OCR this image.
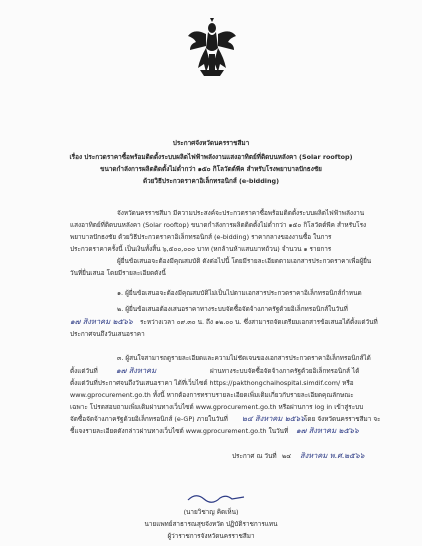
ประกาศจังหวัดนครราชสีมา
เรื่อง ประกวดราคาซื้อพร้อมติดตั้งระบบผลิตไฟฟ้าพลังงานแสงอาทิตย์ที่ติดบนหลังคา (Solar rooftop)
ขนาดกำลังการผลิตติดตั้งไม่ต่ำกว่า ๑๕๐ กิโลวัตต์พีค สำหรับโรงพยาบาลปักธงชัย
ด้วยวิธีประกวดราคาอิเล็กทรอนิกส์ (e-bidding)
จังหวัดนครราชสีมา มีความประสงค์จะประกวดราคาซื้อพร้อมติดตั้งระบบผลิตไฟฟ้าพลังงาน
แสงอาทิตย์ที่ติดบนหลังคา (Solar rooftop) ขนาดกำลังการผลิตติดตั้งไม่ต่ำกว่า ๑๕๐ กิโลวัตต์พีค สำหรับโรง
พยาบาลปักธงชัย ด้วยวิธีประกวดราคาอิเล็กทรอนิกส์ (e-bidding) ราคากลางของงานซื้อ ในการ
ประกวดราคาครั้งนี้ เป็นเงินทั้งสิ้น ๖,๕๐๐,๐๐๐ บาท (หกล้านห้าแสนบาทถ้วน) จำนวน ๑ รายการ
ผู้ยื่นข้อเสนอจะต้องมีคุณสมบัติ ดังต่อไปนี้ โดยมีรายละเอียดตามเอกสารประกวดราคาเพื่อผู้ยื่น
วันที่ยื่นเสนอ โดยมีรายละเอียดดังนี้
๑. ผู้ยื่นข้อเสนอจะต้องมีคุณสมบัติไม่เป็นไปตามเอกสารประกวดราคาอิเล็กทรอนิกส์กำหนด
๒. ผู้ยื่นข้อเสนอต้องเสนอราคาทางระบบจัดซื้อจัดจ้างภาครัฐด้วยอิเล็กทรอนิกส์ในวันที่
๑๗ สิงหาคม ๒๕๖๖ ระหว่างเวลา ๐๙.๓๐ น. ถึง ๑๒.๐๐ น. ซึ่งสามารถจัดเตรียมเอกสารข้อเสนอได้ตั้งแต่วันที่
ประกาศจนถึงวันเสนอราคา
๓. ผู้สนใจสามารถดูรายละเอียดและความไม่ชัดเจนของเอกสารประกวดราคาอิเล็กทรอนิกส์ได้
ตั้งแต่วันที่ ๑๗ สิงหาคม	ผ่านทางระบบจัดซื้อจัดจ้างภาครัฐด้วยอิเล็กทรอนิกส์ ได้
ตั้งแต่วันที่ประกาศจนถึงวันเสนอราคา ได้ที่เว็บไซต์ https://pakthongchaihospital.simdif.com/ หรือ
www.gprocurement.go.th ทั้งนี้ หากต้องการทราบรายละเอียดเพิ่มเติมเกี่ยวกับรายละเอียดคุณลักษณะ
เฉพาะ โปรดสอบถามเพิ่มเติมผ่านทางเว็บไซต์ www.gprocurement.go.th หรือผ่านการ log in เข้าสู่ระบบ
จัดซื้อจัดจ้างภาครัฐด้วยอิเล็กทรอนิกส์ (e-GP) ภายในวันที่ ๒๔ สิงหาคม ๒๕๖๖ โดย จังหวัดนครราชสีมา จะ
ชี้แจงรายละเอียดดังกล่าวผ่านทางเว็บไซต์ www.gprocurement.go.th ในวันที่ ๑๗ สิงหาคม ๒๕๖๖
ประกาศ ณ วันที่ ๒๔ สิงหาคม พ.ศ.๒๕๖๖
(นายวิชาญ คิดเห็น)
นายแพทย์สาธารณสุขจังหวัด ปฏิบัติราชการแทน
ผู้ว่าราชการจังหวัดนครราชสีมา
